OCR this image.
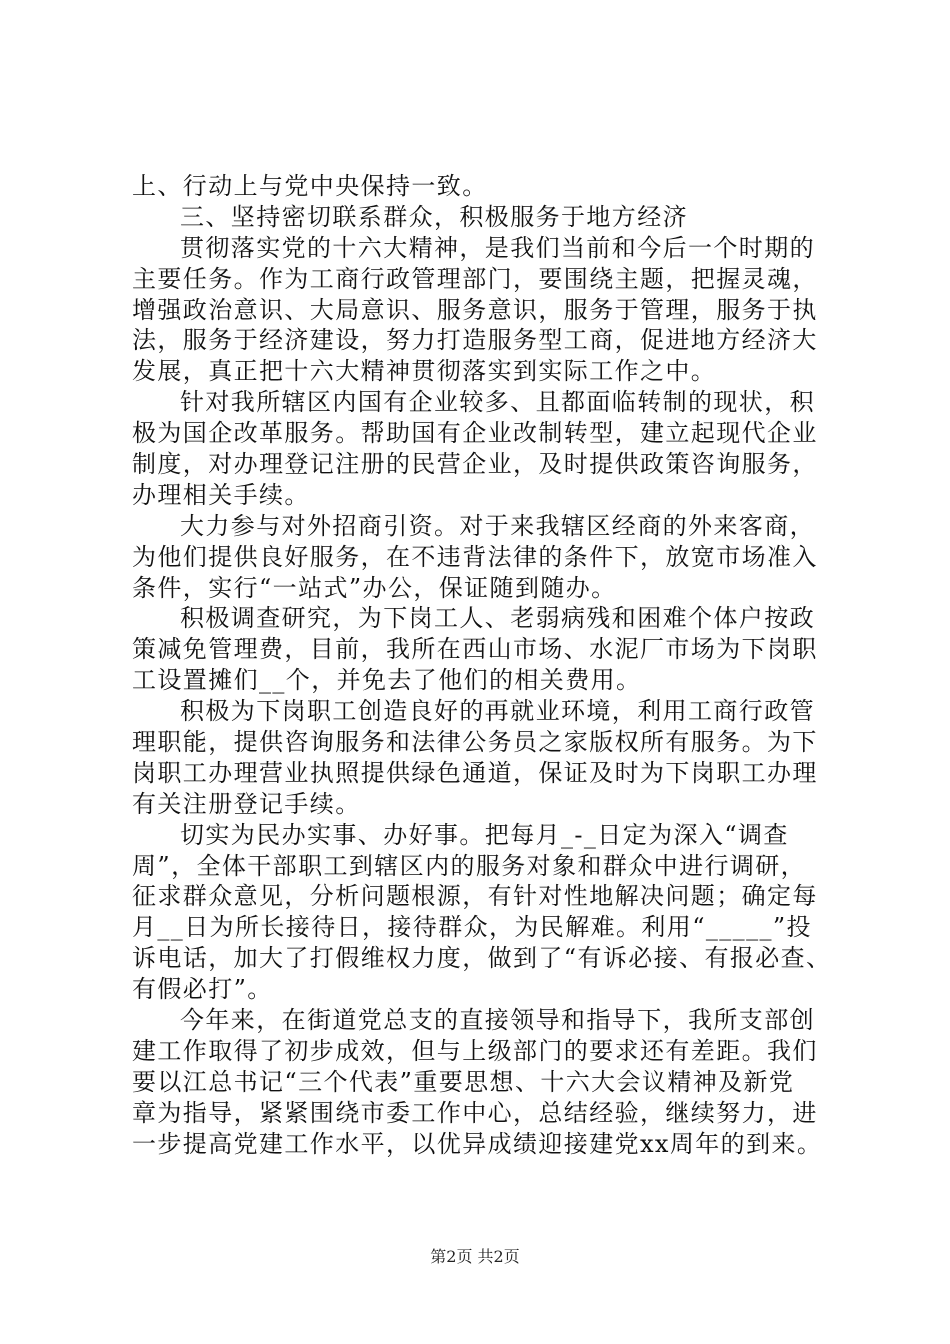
上、行动上与党中央保持一致。
三、坚持密切联系群众，积极服务于地方经济
贯彻落实党的十六大精神，是我们当前和今后一个时期的
主要任务。作为工商行政管理部门，要围绕主题，把握灵魂，
增强政治意识、大局意识、服务意识，服务于管理，服务于执
法，服务于经济建设，努力打造服务型工商，促进地方经济大
发展，真正把十六大精神贯彻落实到实际工作之中。
针对我所辖区内国有企业较多、且都面临转制的现状，积
极为国企改革服务。帮助国有企业改制转型，建立起现代企业
制度，对办理登记注册的民营企业，及时提供政策咨询服务，
办理相关手续。
大力参与对外招商引资。对于来我辖区经商的外来客商，
为他们提供良好服务，在不违背法律的条件下，放宽市场准入
条件，实行“一站式”办公，保证随到随办。
积极调查研究，为下岗工人、老弱病残和困难个体户按政
策减免管理费，目前，我所在西山市场、水泥厂市场为下岗职
工设置摊们__个，并免去了他们的相关费用。
积极为下岗职工创造良好的再就业环境，利用工商行政管
理职能，提供咨询服务和法律公务员之家版权所有服务。为下
岗职工办理营业执照提供绿色通道，保证及时为下岗职工办理
有关注册登记手续。
切实为民办实事、办好事。把每月_-_日定为深入“调查
周”，全体干部职工到辖区内的服务对象和群众中进行调研，
征求群众意见，分析问题根源，有针对性地解决问题；确定每
月__日为所长接待日，接待群众，为民解难。利用“_____”投
诉电话，加大了打假维权力度，做到了“有诉必接、有报必查、
有假必打”。
今年来，在街道党总支的直接领导和指导下，我所支部创
建工作取得了初步成效，但与上级部门的要求还有差距。我们
要以江总书记“三个代表”重要思想、十六大会议精神及新党
章为指导，紧紧围绕市委工作中心，总结经验，继续努力，进
一步提高党建工作水平，以优异成绩迎接建党xx周年的到来。
第2页 共2页
